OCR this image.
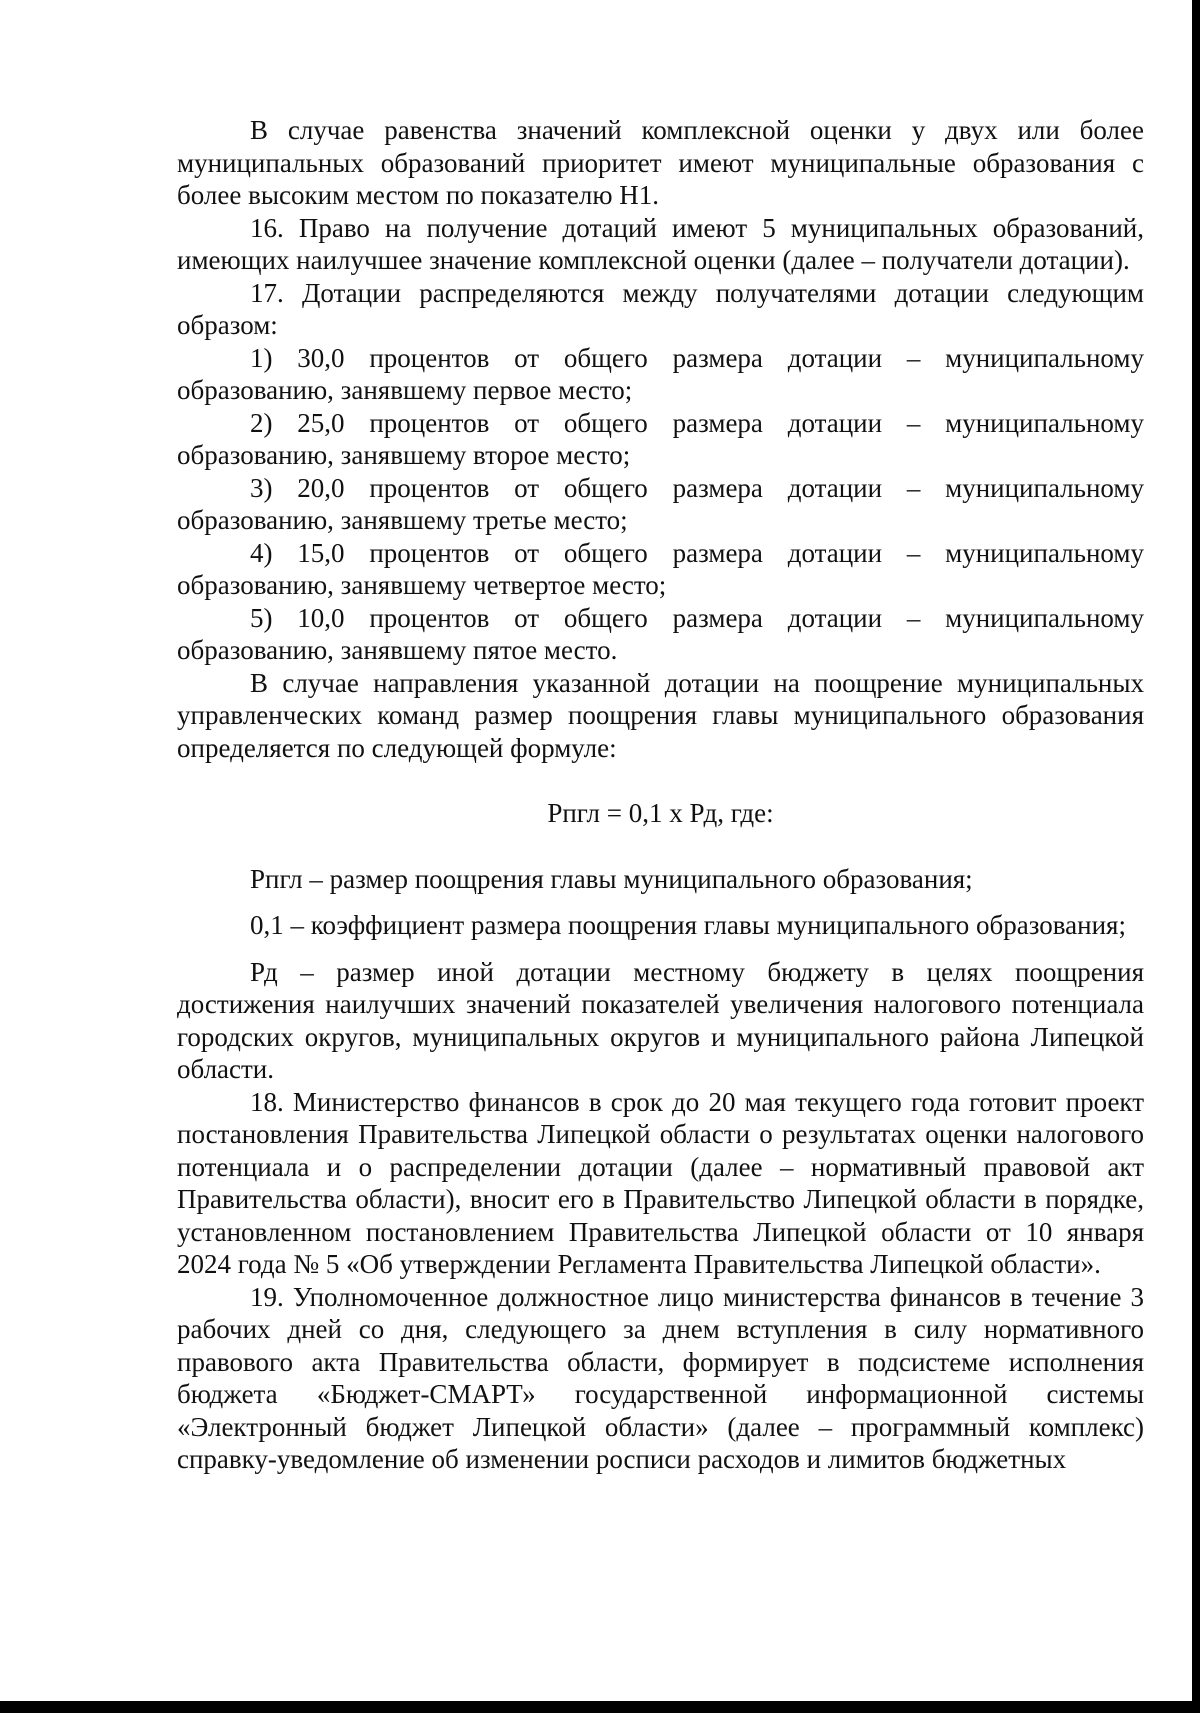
В случае равенства значений комплексной оценки у двух или более муниципальных образований приоритет имеют муниципальные образования с более высоким местом по показателю Н1.

16. Право на получение дотаций имеют 5 муниципальных образований, имеющих наилучшее значение комплексной оценки (далее – получатели дотации).

17. Дотации распределяются между получателями дотации следующим образом:

1) 30,0 процентов от общего размера дотации – муниципальному образованию, занявшему первое место;

2) 25,0 процентов от общего размера дотации – муниципальному образованию, занявшему второе место;

3) 20,0 процентов от общего размера дотации – муниципальному образованию, занявшему третье место;

4) 15,0 процентов от общего размера дотации – муниципальному образованию, занявшему четвертое место;

5) 10,0 процентов от общего размера дотации – муниципальному образованию, занявшему пятое место.

В случае направления указанной дотации на поощрение муниципальных управленческих команд размер поощрения главы муниципального образования определяется по следующей формуле:

Рпгл = 0,1 х Рд, где:

Рпгл – размер поощрения главы муниципального образования;

0,1 – коэффициент размера поощрения главы муниципального образования;

Рд – размер иной дотации местному бюджету в целях поощрения достижения наилучших значений показателей увеличения налогового потенциала городских округов, муниципальных округов и муниципального района Липецкой области.

18. Министерство финансов в срок до 20 мая текущего года готовит проект постановления Правительства Липецкой области о результатах оценки налогового потенциала и о распределении дотации (далее – нормативный правовой акт Правительства области), вносит его в Правительство Липецкой области в порядке, установленном постановлением Правительства Липецкой области от 10 января 2024 года № 5 «Об утверждении Регламента Правительства Липецкой области».

19. Уполномоченное должностное лицо министерства финансов в течение 3 рабочих дней со дня, следующего за днем вступления в силу нормативного правового акта Правительства области, формирует в подсистеме исполнения бюджета «Бюджет-СМАРТ» государственной информационной системы «Электронный бюджет Липецкой области» (далее – программный комплекс) справку-уведомление об изменении росписи расходов и лимитов бюджетных
